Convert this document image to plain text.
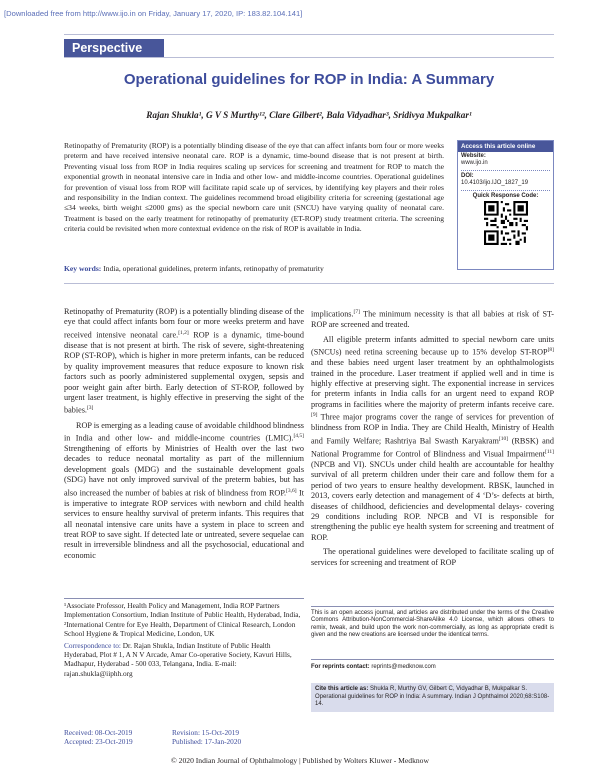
[Downloaded free from http://www.ijo.in on Friday, January 17, 2020, IP: 183.82.104.141]
Perspective
Operational guidelines for ROP in India: A Summary
Rajan Shukla¹, G V S Murthy¹², Clare Gilbert², Bala Vidyadhar³, Sridivya Mukpalkar¹

Retinopathy of Prematurity (ROP) is a potentially blinding disease of the eye that can affect infants born four or more weeks preterm and have received intensive neonatal care. ROP is a dynamic, time-bound disease that is not present at birth. Preventing visual loss from ROP in India requires scaling up services for screening and treatment for ROP to match the exponential growth in neonatal intensive care in India and other low- and middle-income countries. Operational guidelines for prevention of visual loss from ROP will facilitate rapid scale up of services, by identifying key players and their roles and responsibility in the Indian context. The guidelines recommend broad eligibility criteria for screening (gestational age ≤34 weeks, birth weight ≤2000 gms) as the special newborn care unit (SNCU) have varying quality of neonatal care. Treatment is based on the early treatment for retinopathy of prematurity (ET-ROP) study treatment criteria. The screening criteria could be revisited when more contextual evidence on the risk of ROP is available in India.

Access this article online
Website:
www.ijo.in
DOI:
10.4103/ijo.IJO_1827_19
Quick Response Code:
Key words: India, operational guidelines, preterm infants, retinopathy of prematurity

Retinopathy of Prematurity (ROP) is a potentially blinding disease of the eye that could affect infants born four or more weeks preterm and have received intensive neonatal care.[1,2] ROP is a dynamic, time-bound disease that is not present at birth. The risk of severe, sight-threatening ROP (ST-ROP), which is higher in more preterm infants, can be reduced by quality improvement measures that reduce exposure to known risk factors such as poorly administered supplemental oxygen, sepsis and poor weight gain after birth. Early detection of ST-ROP, followed by urgent laser treatment, is highly effective in preserving the sight of the babies.[3]

ROP is emerging as a leading cause of avoidable childhood blindness in India and other low- and middle-income countries (LMIC).[4,5] Strengthening of efforts by Ministries of Health over the last two decades to reduce neonatal mortality as part of the millennium development goals (MDG) and the sustainable development goals (SDG) have not only improved survival of the preterm babies, but has also increased the number of babies at risk of blindness from ROP.[3,6] It is imperative to integrate ROP services with newborn and child health services to ensure healthy survival of preterm infants. This requires that all neonatal intensive care units have a system in place to screen and treat ROP to save sight. If detected late or untreated, severe sequelae can result in irreversible blindness and all the psychosocial, educational and economic

implications.[7] The minimum necessity is that all babies at risk of ST-ROP are screened and treated.

All eligible preterm infants admitted to special newborn care units (SNCUs) need retina screening because up to 15% develop ST-ROP[8] and these babies need urgent laser treatment by an ophthalmologists trained in the procedure. Laser treatment if applied well and in time is highly effective at preserving sight. The exponential increase in services for preterm infants in India calls for an urgent need to expand ROP programs in facilities where the majority of preterm infants receive care.[9] Three major programs cover the range of services for prevention of blindness from ROP in India. They are Child Health, Ministry of Health and Family Welfare; Rashtriya Bal Swasth Karyakram[10] (RBSK) and National Programme for Control of Blindness and Visual Impairment[11] (NPCB and VI). SNCUs under child health are accountable for healthy survival of all preterm children under their care and follow them for a period of two years to ensure healthy development. RBSK, launched in 2013, covers early detection and management of 4 ‘D’s- defects at birth, diseases of childhood, deficiencies and developmental delays- covering 29 conditions including ROP. NPCB and VI is responsible for strengthening the public eye health system for screening and treatment of ROP.

The operational guidelines were developed to facilitate scaling up of services for screening and treatment of ROP

¹Associate Professor, Health Policy and Management, India ROP Partners Implementation Consortium, Indian Institute of Public Health, Hyderabad, India, ²International Centre for Eye Health, Department of Clinical Research, London School Hygiene & Tropical Medicine, London, UK

Correspondence to: Dr. Rajan Shukla, Indian Institute of Public Health Hyderabad, Plot # 1, A N V Arcade, Amar Co-operative Society, Kavuri Hills, Madhapur, Hyderabad - 500 033, Telangana, India. E-mail: rajan.shukla@iiphh.org

Received: 08-Oct-2019	Revision: 15-Oct-2019
Accepted: 23-Oct-2019	Published: 17-Jan-2020
This is an open access journal, and articles are distributed under the terms of the Creative Commons Attribution-NonCommercial-ShareAlike 4.0 License, which allows others to remix, tweak, and build upon the work non-commercially, as long as appropriate credit is given and the new creations are licensed under the identical terms.
For reprints contact: reprints@medknow.com
Cite this article as: Shukla R, Murthy GV, Gilbert C, Vidyadhar B, Mukpalkar S. Operational guidelines for ROP in India: A summary. Indian J Ophthalmol 2020;68:S108-14.
© 2020 Indian Journal of Ophthalmology | Published by Wolters Kluwer - Medknow
